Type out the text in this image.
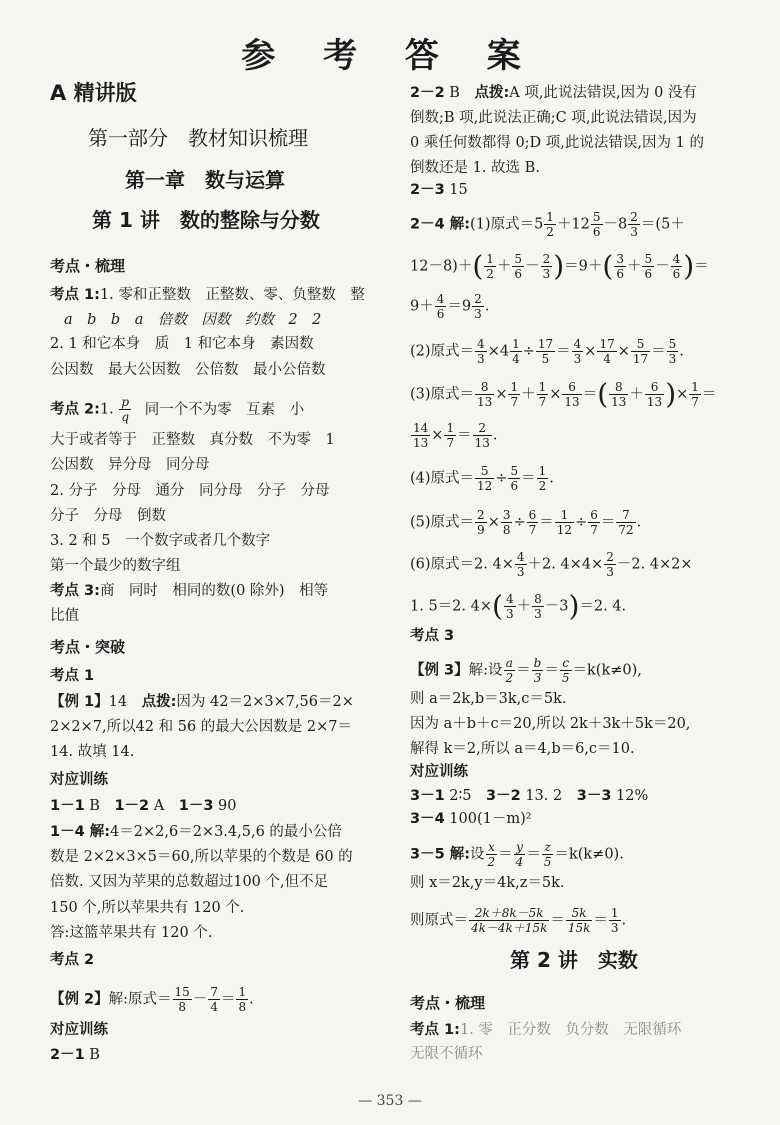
参 考 答 案
A 精讲版
第一部分　教材知识梳理
第一章　数与运算
第 1 讲　数的整除与分数
考点・梳理
考点 1:1. 零和正整数　正整数、零、负整数　整
a　b　b　a　倍数　因数　约数　2　2
2. 1 和它本身　质　1 和它本身　素因数
公因数　最大公因数　公倍数　最小公倍数
考点 2:1. $\frac{p}{q}$ 同一个不为零　互素　小
大于或者等于　正整数　真分数　不为零　1
公因数　异分母　同分母
2. 分子　分母　通分　同分母　分子　分母
分子　分母　倒数
3. 2 和 5　一个数字或者几个数字
第一个最少的数字组
考点 3:商　同时　相同的数(0 除外)　相等
比值
考点・突破
考点 1
【例 1】14　点拨:因为 42＝2×3×7,56＝2×
2×2×7,所以42 和 56 的最大公因数是 2×7＝
14. 故填 14.
对应训练
1－1 B　1－2 A　1－3 90
1－4 解:4＝2×2,6＝2×3.4,5,6 的最小公倍
数是 2×2×3×5＝60,所以苹果的个数是 60 的
倍数. 又因为苹果的总数超过100 个,但不足
150 个,所以苹果共有 120 个.
答:这篮苹果共有 120 个.
考点 2
【例 2】解:原式＝ $\frac{15}{8} - \frac{7}{4} = \frac{1}{8}$ .
对应训练
2－1 B
2－2 B　点拨:A 项,此说法错误,因为 0 没有
倒数;B 项,此说法正确;C 项,此说法错误,因为
0 乘任何数都得 0;D 项,此说法错误,因为 1 的
倒数还是 1. 故选 B.
2－3 15
2－4 解:(1)原式$=5 \frac{1}{2} +12 \frac{5}{6} -8 \frac{2}{3} =(5+$
$12-8)+( \frac{1}{2} + \frac{5}{6} - \frac{2}{3} )=9+( \frac{3}{6} + \frac{5}{6} - \frac{4}{6}$ )＝
$9+ \frac{4}{6} =9 \frac{2}{3}$ .
(2)原式＝ $\frac{4}{3} \times 4 \frac{1}{4} \div \frac{17}{5} = \frac{4}{3} \times \frac{17}{4} \times \frac{5}{17} = \frac{5}{3}$ .
(3)原式＝ $\frac{8}{13} \times \frac{1}{7} + \frac{1}{7} \times \frac{6}{13}$ ＝( $\frac{8}{13} + \frac{6}{13}$ )× $\frac{1}{7}$ ＝
$\frac{14}{13} \times \frac{1}{7} = \frac{2}{13}$ .
(4)原式＝ $\frac{5}{12} \div \frac{5}{6} = \frac{1}{2}$ .
(5)原式＝ $\frac{2}{9} \times \frac{3}{8} \div \frac{6}{7} = \frac{1}{12} \div \frac{6}{7} = \frac{7}{72}$ .
(6)原式＝2. $4\times \frac{4}{3} +2$. $4\times 4\times \frac{2}{3} -2$. 4×2×
1. 5＝2. $4\times( \frac{4}{3} + \frac{8}{3} -3)=2$. 4.
考点 3
【例 3】解:设 $\frac{a}{2} = \frac{b}{3} = \frac{c}{5} =k(k\ne 0)$,
则 a＝2k,b＝3k,c＝5k.
因为 a＋b＋c＝20,所以 2k＋3k＋5k＝20,
解得 k＝2,所以 a＝4,b＝6,c＝10.
对应训练
3－1 2∶5　3－2 13. 2　3－3 12%
3－4 100(1－m)²
3－5 解:设 $\frac{x}{2} = \frac{y}{4} = \frac{z}{5} =k(k\ne 0)$.
则 x＝2k,y＝4k,z＝5k.
则原式＝ $\frac{2k+8k-5k}{4k-4k+15k} = \frac{5k}{15k} = \frac{1}{3}$ .
第 2 讲　实数
考点・梳理
考点 1:1. 零　正分数　负分数　无限循环
无限不循环
— 353 —
